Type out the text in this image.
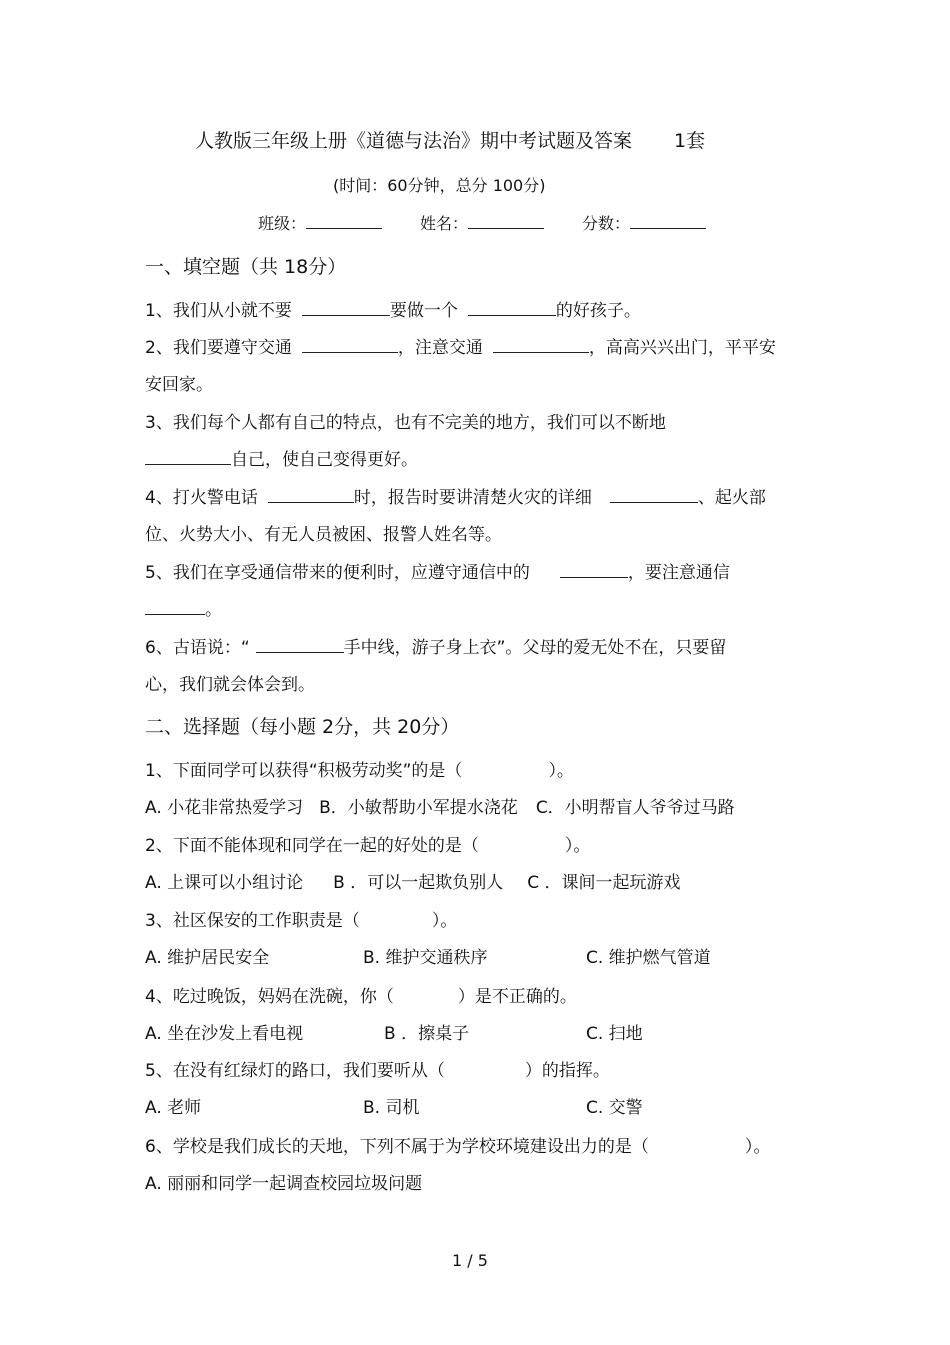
人教版三年级上册《道德与法治》期中考试题及答案 1套
(时间：60分钟，总分 100分)
班级：	姓名：	分数：
一、填空题（共 18分）
1、我们从小就不要	要做一个	的好孩子。
2、我们要遵守交通	，注意交通	，高高兴兴出门，平平安
安回家。
3、我们每个人都有自己的特点，也有不完美的地方，我们可以不断地
自己，使自己变得更好。
4、打火警电话	时，报告时要讲清楚火灾的详细	、起火部
位、火势大小、有无人员被困、报警人姓名等。
5、我们在享受通信带来的便利时，应遵守通信中的	，要注意通信
。
6、古语说：“	手中线，游子身上衣”。父母的爱无处不在，只要留
心，我们就会体会到。
二、选择题（每小题 2分，共 20分）
1、下面同学可以获得“积极劳动奖”的是（	）。
A. 小花非常热爱学习 B．小敏帮助小军提水浇花 C．小明帮盲人爷爷过马路
2、下面不能体现和同学在一起的好处的是（	）。
A. 上课可以小组讨论 B ．可以一起欺负别人 C ．课间一起玩游戏
3、社区保安的工作职责是（	）。
A. 维护居民安全	B. 维护交通秩序	C. 维护燃气管道
4、吃过晚饭，妈妈在洗碗，你（	）是不正确的。
A. 坐在沙发上看电视	B ．擦桌子	C. 扫地
5、在没有红绿灯的路口，我们要听从（	）的指挥。
A. 老师	B. 司机	C. 交警
6、学校是我们成长的天地，下列不属于为学校环境建设出力的是（	）。
A. 丽丽和同学一起调查校园垃圾问题
1 / 5
